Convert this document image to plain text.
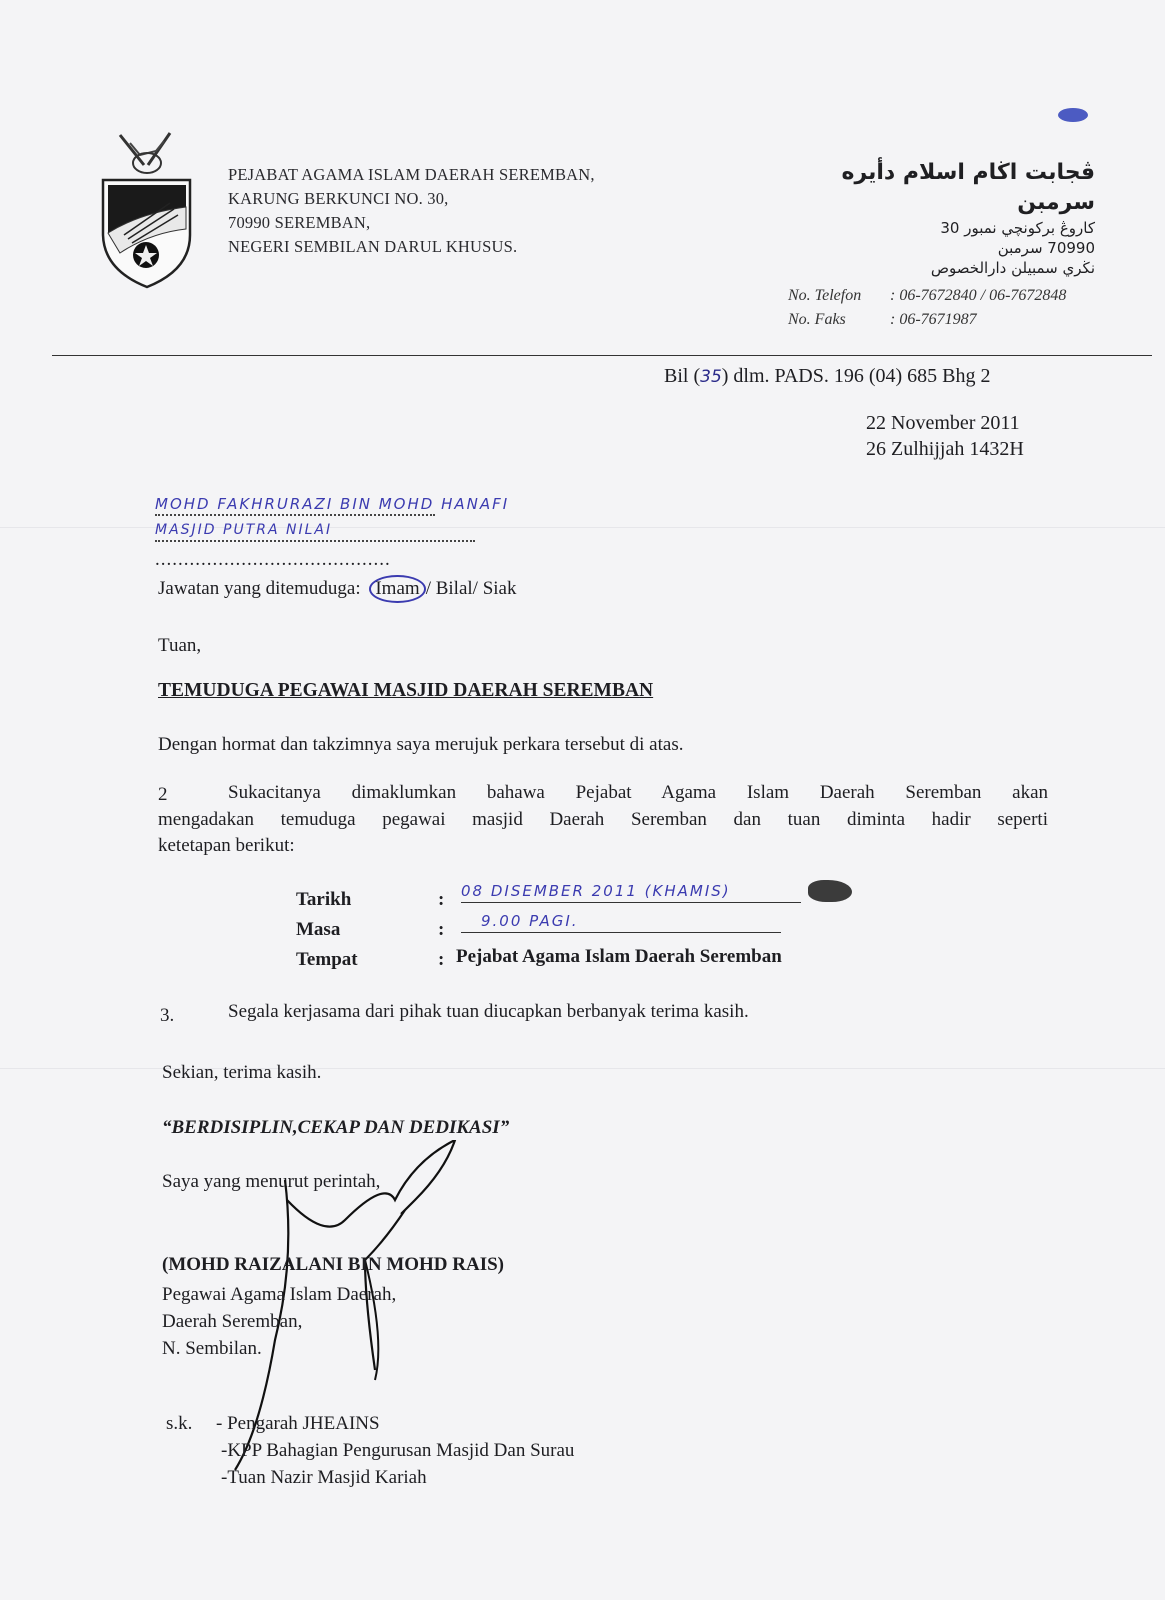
PEJABAT AGAMA ISLAM DAERAH SEREMBAN,
KARUNG BERKUNCI NO. 30,
70990 SEREMBAN,
NEGERI SEMBILAN DARUL KHUSUS.
ڤجابت اڬام اسلام دأيره سرمبن
كاروڠ بركونچي نمبور 30
70990 سرمبن
نڬري سمبيلن دارالخصوص
No. Telefon : 06-7672840 / 06-7672848
No. Faks	: 06-7671987
Bil (35) dlm. PADS. 196 (04) 685 Bhg 2
22 November 2011
26 Zulhijjah 1432H
MOHD FAKHRURAZI BIN MOHD HANAFI
MASJID PUTRA NILAI
.........................................
Jawatan yang ditemuduga: Imam / Bilal/ Siak
Tuan,
TEMUDUGA PEGAWAI MASJID DAERAH SEREMBAN
Dengan hormat dan takzimnya saya merujuk perkara tersebut di atas.
2	Sukacitanya dimaklumkan bahawa Pejabat Agama Islam Daerah Seremban akan
mengadakan temuduga pegawai masjid Daerah Seremban dan tuan diminta hadir seperti
ketetapan berikut:
Tarikh	: 08 DISEMBER 2011 (KHAMIS)
Masa	:	9.00 PAGI.
Tempat	: Pejabat Agama Islam Daerah Seremban
3.	Segala kerjasama dari pihak tuan diucapkan berbanyak terima kasih.
Sekian, terima kasih.
“BERDISIPLIN,CEKAP DAN DEDIKASI”
Saya yang menurut perintah,
(MOHD RAIZALANI BIN MOHD RAIS)
Pegawai Agama Islam Daerah,
Daerah Seremban,
N. Sembilan.
s.k. - Pengarah JHEAINS
-KPP Bahagian Pengurusan Masjid Dan Surau
-Tuan Nazir Masjid Kariah
